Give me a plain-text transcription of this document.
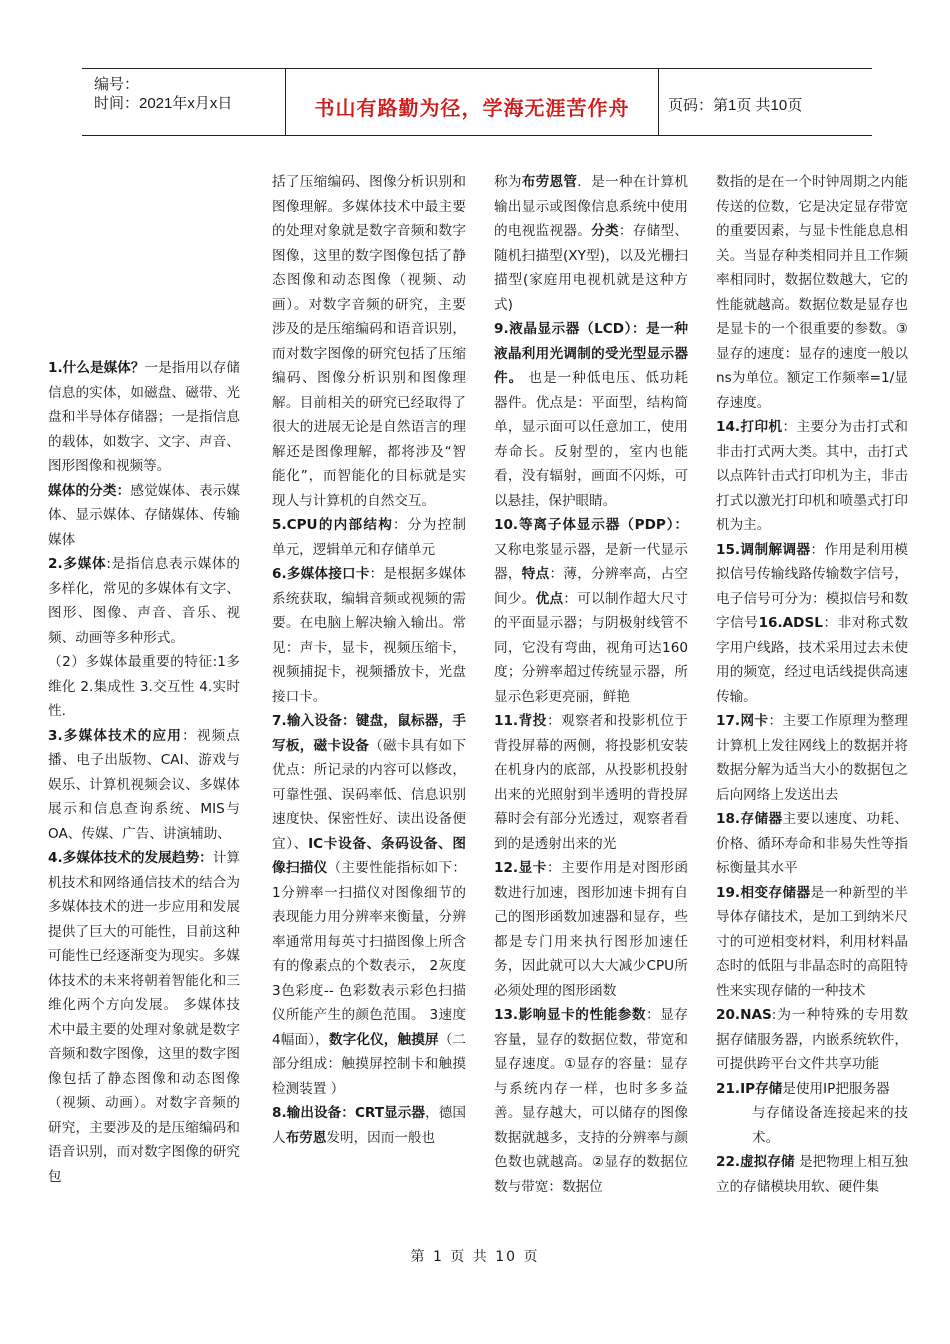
编号：
时间：2021年x月x日	书山有路勤为径，学海无涯苦作舟	页码：第1页 共10页

1.什么是媒体？一是指用以存储信息的实体，如磁盘、磁带、光盘和半导体存储器；一是指信息的载体，如数字、文字、声音、图形图像和视频等。

媒体的分类：感觉媒体、表示媒体、显示媒体、存储媒体、传输媒体

2.多媒体:是指信息表示媒体的多样化，常见的多媒体有文字、图形、图像、声音、音乐、视频、动画等多种形式。

（2）多媒体最重要的特征:1多维化 2.集成性 3.交互性 4.实时性.

3.多媒体技术的应用：视频点播、电子出版物、CAI、游戏与娱乐、计算机视频会议、多媒体展示和信息查询系统、MIS与OA、传媒、广告、讲演辅助、

4.多媒体技术的发展趋势：计算机技术和网络通信技术的结合为多媒体技术的进一步应用和发展提供了巨大的可能性，目前这种可能性已经逐渐变为现实。多媒体技术的未来将朝着智能化和三维化两个方向发展。 多媒体技术中最主要的处理对象就是数字音频和数字图像，这里的数字图像包括了静态图像和动态图像（视频、动画）。对数字音频的研究，主要涉及的是压缩编码和语音识别，而对数字图像的研究包

括了压缩编码、图像分析识别和图像理解。多媒体技术中最主要的处理对象就是数字音频和数字图像，这里的数字图像包括了静态图像和动态图像（视频、动画）。对数字音频的研究，主要涉及的是压缩编码和语音识别，而对数字图像的研究包括了压缩编码、图像分析识别和图像理解。目前相关的研究已经取得了很大的进展无论是自然语言的理解还是图像理解，都将涉及“智能化”，而智能化的目标就是实现人与计算机的自然交互。

5.CPU的内部结构：分为控制单元，逻辑单元和存储单元

6.多媒体接口卡：是根据多媒体系统获取，编辑音频或视频的需要。在电脑上解决输入输出。常见：声卡，显卡，视频压缩卡，视频捕捉卡，视频播放卡，光盘接口卡。

7.输入设备：键盘，鼠标器，手写板，磁卡设备（磁卡具有如下优点：所记录的内容可以修改，可靠性强、误码率低、信息识别速度快、保密性好、读出设备便宜）、IC卡设备、条码设备、图像扫描仪（主要性能指标如下：1分辨率一扫描仪对图像细节的表现能力用分辨率来衡量，分辨率通常用每英寸扫描图像上所含有的像素点的个数表示， 2灰度 3色彩度-- 色彩数表示彩色扫描仪所能产生的颜色范围。 3速度 4幅面），数字化仪，触摸屏（二部分组成：触摸屏控制卡和触摸检测装置 ）

8.输出设备：CRT显示器，德国人布劳恩发明，因而一般也

称为布劳恩管．是一种在计算机输出显示或图像信息系统中使用的电视监视器。分类：存储型、随机扫描型(XY型)，以及光栅扫描型(家庭用电视机就是这种方式)

9.液晶显示器（LCD）：是一种液晶利用光调制的受光型显示器件。 也是一种低电压、低功耗器件。优点是：平面型，结构简单，显示面可以任意加工，使用寿命长。反射型的，室内也能看，没有辐射，画面不闪烁，可以悬挂，保护眼睛。

10.等离子体显示器（PDP）：又称电浆显示器，是新一代显示器，特点：薄，分辨率高，占空间少。优点：可以制作超大尺寸的平面显示器；与阴极射线管不同，它没有弯曲，视角可达160度；分辨率超过传统显示器，所显示色彩更亮丽，鲜艳

11.背投：观察者和投影机位于背投屏幕的两侧，将投影机安装在机身内的底部，从投影机投射出来的光照射到半透明的背投屏幕时会有部分光透过，观察者看到的是透射出来的光

12.显卡：主要作用是对图形函数进行加速，图形加速卡拥有自己的图形函数加速器和显存，些都是专门用来执行图形加速任务，因此就可以大大减少CPU所必须处理的图形函数

13.影响显卡的性能参数：显存容量，显存的数据位数，带宽和显存速度。①显存的容量：显存与系统内存一样，也时多多益善。显存越大，可以储存的图像数据就越多，支持的分辨率与颜色数也就越高。②显存的数据位数与带宽：数据位

数指的是在一个时钟周期之内能传送的位数，它是决定显存带宽的重要因素，与显卡性能息息相关。当显存种类相同并且工作频率相同时，数据位数越大，它的性能就越高。数据位数是显存也是显卡的一个很重要的参数。③显存的速度：显存的速度一般以ns为单位。额定工作频率=1/显存速度。

14.打印机：主要分为击打式和非击打式两大类。其中，击打式以点阵针击式打印机为主，非击打式以激光打印机和喷墨式打印机为主。

15.调制解调器：作用是利用模拟信号传输线路传输数字信号，电子信号可分为：模拟信号和数字信号16.ADSL：非对称式数字用户线路，技术采用过去未使用的频宽，经过电话线提供高速传输。

17.网卡：主要工作原理为整理计算机上发往网线上的数据并将数据分解为适当大小的数据包之后向网络上发送出去

18.存储器主要以速度、功耗、价格、循环寿命和非易失性等指标衡量其水平

19.相变存储器是一种新型的半导体存储技术，是加工到纳米尺寸的可逆相变材料，利用材料晶态时的低阻与非晶态时的高阻特性来实现存储的一种技术

20.NAS:为一种特殊的专用数据存储服务器，内嵌系统软件，可提供跨平台文件共享功能

21.IP存储是使用IP把服务器

与存储设备连接起来的技术。

22.虚拟存储 是把物理上相互独立的存储模块用软、硬件集

第 1 页 共 10 页
